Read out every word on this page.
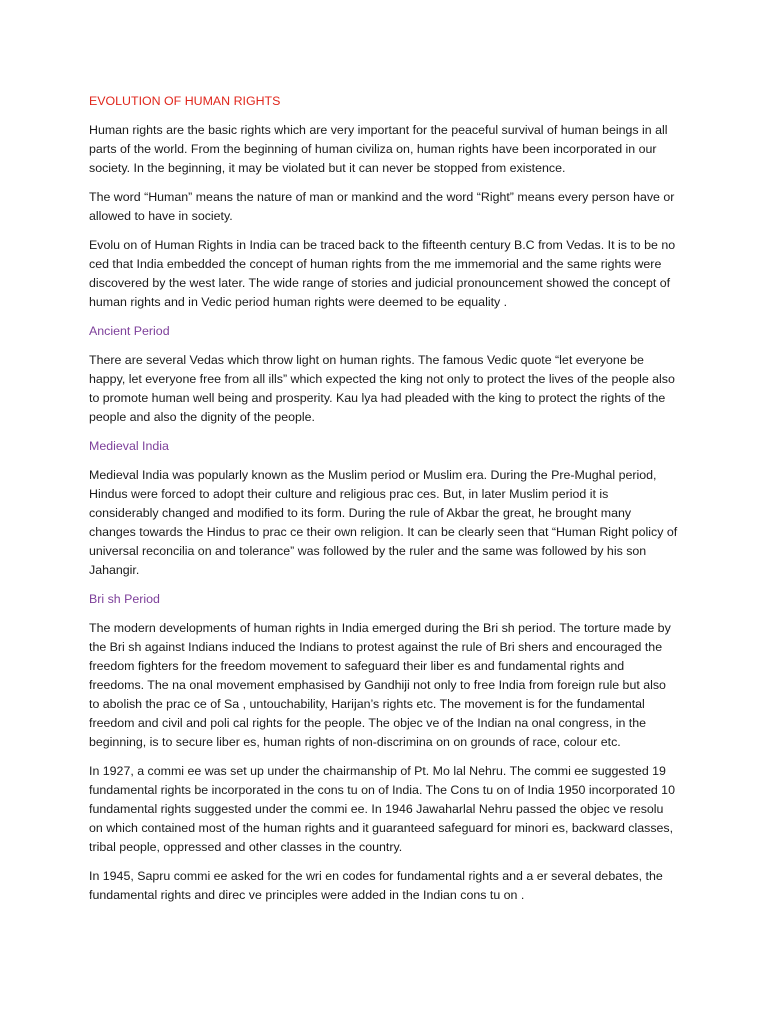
EVOLUTION OF HUMAN RIGHTS

Human rights are the basic rights which are very important for the peaceful survival of human beings in all parts of the world. From the beginning of human civiliza on, human rights have been incorporated in our society. In the beginning, it may be violated but it can never be stopped from existence.

The word “Human” means the nature of man or mankind and the word “Right” means every person have or allowed to have in society.

Evolu on of Human Rights in India can be traced back to the fifteenth century B.C from Vedas. It is to be no ced that India embedded the concept of human rights from the me immemorial and the same rights were discovered by the west later. The wide range of stories and judicial pronouncement showed the concept of human rights and in Vedic period human rights were deemed to be equality .

Ancient Period

There are several Vedas which throw light on human rights. The famous Vedic quote “let everyone be happy, let everyone free from all ills” which expected the king not only to protect the lives of the people also to promote human well being and prosperity. Kau lya had pleaded with the king to protect the rights of the people and also the dignity of the people.

Medieval India

Medieval India was popularly known as the Muslim period or Muslim era. During the Pre-Mughal period, Hindus were forced to adopt their culture and religious prac ces. But, in later Muslim period it is considerably changed and modified to its form. During the rule of Akbar the great, he brought many changes towards the Hindus to prac ce their own religion. It can be clearly seen that “Human Right policy of universal reconcilia on and tolerance” was followed by the ruler and the same was followed by his son Jahangir.

Bri sh Period

The modern developments of human rights in India emerged during the Bri sh period. The torture made by the Bri sh against Indians induced the Indians to protest against the rule of Bri shers and encouraged the freedom fighters for the freedom movement to safeguard their liber es and fundamental rights and freedoms. The na onal movement emphasised by Gandhiji not only to free India from foreign rule but also to abolish the prac ce of Sa , untouchability, Harijan’s rights etc. The movement is for the fundamental freedom and civil and poli cal rights for the people. The objec ve of the Indian na onal congress, in the beginning, is to secure liber es, human rights of non-discrimina on on grounds of race, colour etc.

In 1927, a commi ee was set up under the chairmanship of Pt. Mo lal Nehru. The commi ee suggested 19 fundamental rights be incorporated in the cons tu on of India. The Cons tu on of India 1950 incorporated 10 fundamental rights suggested under the commi ee. In 1946 Jawaharlal Nehru passed the objec ve resolu on which contained most of the human rights and it guaranteed safeguard for minori es, backward classes, tribal people, oppressed and other classes in the country.

In 1945, Sapru commi ee asked for the wri en codes for fundamental rights and a er several debates, the fundamental rights and direc ve principles were added in the Indian cons tu on .
